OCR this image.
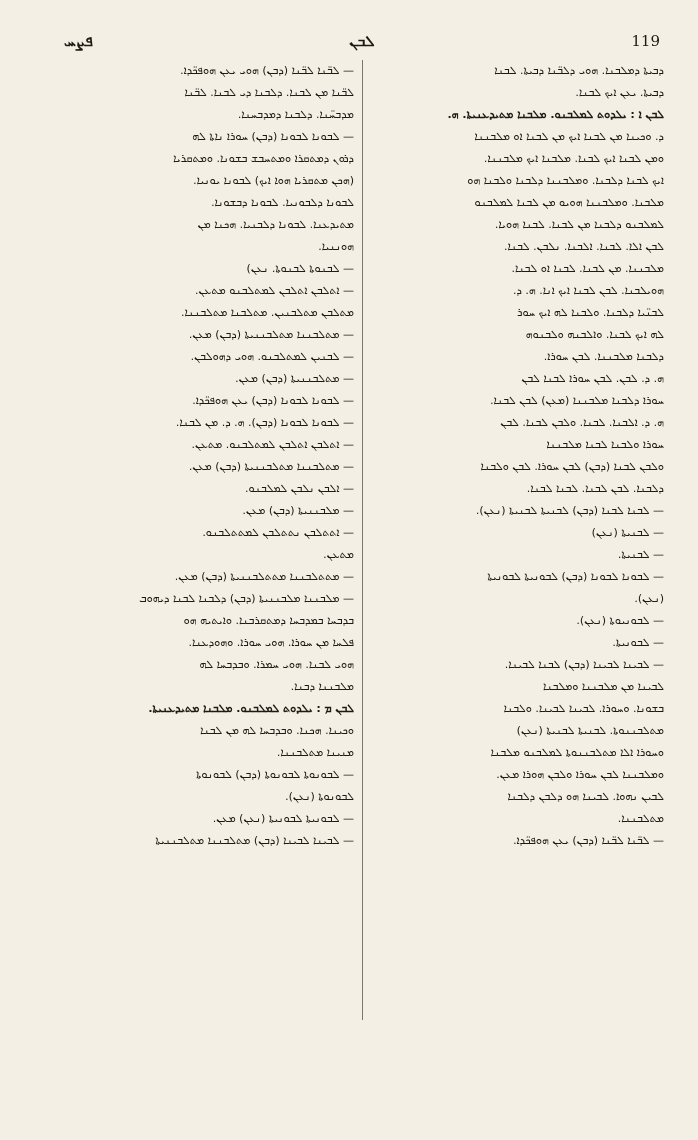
ܦܨܚ	ܠܒܢ	119

— ܠܒ̈ܢܐ ܠܒ̈ܢܐ (ܕܒܢ) ܗܘܝ ܝܥܢ ܗܘܦܟ̈ܕܐ.

ܠܒ̈ܢܐ ܡܢ ܠܒܢܐ. ܕܠܒܢܐ ܕܝ ܠܒܢܐ. ܠܒ̈ܢܐ

ܡܕܒܚ̈ܢܐ. ܕܠܒܢܐ ܕܡܕܒܚܢܐ.

— ܠܒܘܢܐ ܠܒܘܢܐ (ܕܒܢ) ܚܘܪܐ ܢܐܬܐ ܠܗ

ܕܪܘܢ ܕܡܬܩܪܐ ܘܡܬܚܒܫ ܒܫܘܢܐ. ܘܡܬܩܪܝܐ

(ܗܟܢ ܡܬܩܪܝܐ ܗܘܐ ܐܝܟ) ܠܒܘܢܐ ܝܘܢܝܐ.

ܠܒܘܢܐ ܕܠܒܘܢܝܐ. ܠܒܘܢܐ ܕܒܫܘܢܐ.

ܡܬܝܕܥܢܐ. ܠܒܘܢܐ ܕܠܒܢܝܐ. ܗܟܢܐ ܡܢ

ܗܘܢܢܝܐ.

— ܠܒܢܘܬܐ ܠܒܢܘܬܐ. ܢܥܢ)

— ܐܬܠܒܢ ܐܬܠܒܢ ܠܡܬܠܒܢܘ ܡܬܥܢ.

ܡܬܠܒܢ ܡܬܠܒܢܝܢ. ܡܬܠܒܢܐ ܡܬܠܒܢܢܐ.

— ܡܬܠܒܢܢܐ ܡܬܠܒܢܢܝܬܐ (ܕܒܢ) ܡܥܢ.

— ܠܒܢܝܢ ܠܡܬܠܒܢܘ. ܗܘܝ ܕܗܘܠܒܢ.

— ܡܬܠܒܢܢܝܬܐ (ܕܒܢ) ܡܥܢ.

— ܠܒܘܢܐ ܠܒܘܢܐ (ܕܒܢ) ܝܥܢ ܗܘܦܟ̈ܕܐ.

— ܠܒܘܢܐ ܠܒܘܢܐ (ܕܒܢ). ܗ. ܕ. ܡܢ ܠܒܢܐ.

— ܐܬܠܒܢ ܐܬܠܒܢ ܠܡܬܠܒܢܘ. ܡܬܥܢ.

— ܡܬܠܒܢܢܐ ܡܬܠܒܢܢܝܬܐ (ܕܒܢ) ܡܥܢ.

— ܐܠܒܢ ܢܠܒܢ ܠܡܠܒܢܘ.

— ܡܠܒܢܢܝܬܐ (ܕܒܢ) ܡܥܢ.

— ܐܬܬܠܒܢ ܢܬܬܠܒܢ ܠܡܬܬܠܒܢܘ.

ܡܬܥܢ.

— ܡܬܬܠܒܢܢܐ ܡܬܬܠܒܢܢܝܬܐ (ܕܒܢ) ܡܥܢ.

— ܡܠܒܢܢܐ ܡܠܒܢܢܝܬܐ (ܕܒܢ) ܕܠܒܢܐ ܠܒܢܐ ܕܝܗܘܒ

ܒܕܒܚܐ ܒܡܕܒܚܐ ܕܡܬܩܪܒܢܐ. ܘܐܝܬܝܗ ܗܘ

ܦܠܚܐ ܡܢ ܚܘܪܐ. ܗܘܝ ܚܘܪܐ. ܘܗܘܕܥܢܐ.

ܗܘܝ ܠܒܢܐ. ܗܘܝ ܚܡܪܐ. ܘܒܕܒܚܐ ܠܗ

ܡܠܒܢܢܐ ܕܒܢܐ.

ܠܒܢ ܡ : ܝܠܕܘܬ ܠܡܠܒܢܘ. ܡܠܒܢܐ ܡܬܝܕܥܢܝܬܐ.

ܘܟܝܢܐ. ܗܟܢܐ. ܘܒܕܒܚܐ ܠܗ ܡܢ ܠܒܢܐ

ܡܢܝܢܐ ܡܬܠܒܢܢܐ.

— ܠܒܘܢܘܬܐ ܠܒܘܢܘܬܐ (ܕܒܢ) ܠܒܘܢܘܬܐ

ܠܒܘܢܘܬܐ (ܢܥܢ).

— ܠܒܘܢܝܬܐ ܠܒܘܢܝܬܐ (ܢܥܢ) ܡܥܢ.

— ܠܒܝܢܐ ܠܒܝܢܐ (ܕܒܢ) ܡܬܠܒܢܢܐ ܡܬܠܒܢܢܝܬܐ

ܕܒܝܬܐ ܕܡܠܒܢܐ. ܗܘܝ ܕܠܒ̈ܢܐ ܕܒܝܬܐ. ܠܒܢܐ

ܕܒܝܬܐ. ܝܥܢ ܐܝܟ ܠܒܢܐ.

ܠܒܢ ܐ : ܝܠܕܘܬ ܠܡܠܒܢܘ. ܡܠܒܢܐ ܡܬܝܕܥܢܝܬܐ. ܗ.

ܕ. ܘܟܝܢܐ ܡܢ ܠܒܢܐ ܐܝܟ ܡܢ ܠܒܢܐ ܐܘ ܡܠܒܢܢܐ

ܘܡܢ ܠܒܢܐ ܐܝܟ ܠܒܢܐ. ܡܠܒܢܐ ܐܝܟ ܡܠܒܢܢܐ.

ܐܝܟ ܠܒܢܐ ܕܠܒܢܐ. ܘܡܠܒܢܢܐ ܕܠܒܢܐ ܘܠܒܢܐ ܗܘ

ܡܠܒܢܐ. ܘܡܠܒܢܢܐ ܗܘܝܘ ܡܢ ܠܒܢܐ ܠܡܠܒܢܘ

ܠܡܠܒܢܘ ܕܠܒܢܐ ܡܢ ܠܒܢܐ. ܠܒܢܐ ܗܘܝܐ.

ܠܒܢ ܐܠܐ. ܠܒܢܐ. ܐܠܒܢܐ. ܢܠܒܢ. ܠܒܢܐ.

ܡܠܒܢܢܐ. ܡܢ ܠܒܢܐ. ܠܒܢܐ ܐܘ ܠܒܢܐ.

ܗܘܝܠܒܢܐ. ܠܒܢ ܠܒܢܐ ܐܝܟ ܐܢܐ. ܗ. ܕ.

ܠܒܢ̈ܝܐ ܕܠܒܢܐ. ܘܠܒܢܐ ܠܗ ܐܝܟ ܚܘܪ

ܠܗ ܐܝܟ ܠܒܢܐ. ܘܐܠܒܢܗ ܘܠܒܢܘܗ

ܕܠܒܢܐ ܡܠܒܢܢܐ. ܠܒܢ ܚܘܪܐ.

ܗ. ܕ. ܠܒܢ. ܠܒܢ ܚܘܪܐ ܠܒܢܐ ܠܒܢ

ܚܘܪܐ ܕܠܒܢܐ ܡܠܒܢܢܐ (ܡܥܢ) ܠܒܢ ܠܒܢܐ.

ܗ. ܕ. ܐܠܒܢܐ. ܠܒܢܐ. ܘܠܒܢ ܠܒܢܐ. ܠܒܢ

ܚܘܪܐ ܘܠܒܢܐ ܠܒܢܐ ܡܠܒܢܢܐ

ܘܠܒܢ ܠܒܢܐ (ܕܒܢ) ܠܒܢ ܚܘܪܐ. ܠܒܢ ܘܠܒܢܐ

ܕܠܒܢܐ. ܠܒܢ ܠܒܢܐ. ܠܒܢܐ ܠܒܢܐ.

— ܠܒܢܐ ܠܒܢܐ (ܕܒܢ) ܠܒܢܝܬܐ ܠܒܢܝܬܐ (ܢܥܢ).

— ܠܒܢܝܬܐ (ܢܥܢ)

— ܠܒܢܝܬܐ.

— ܠܒܘܢܐ ܠܒܘܢܐ (ܕܒܢ) ܠܒܘܢܝܬܐ ܠܒܘܢܝܬܐ

(ܢܥܢ).

— ܠܒܘܢܝܘܬܐ (ܢܥܢ).

— ܠܒܘܢܝܬܐ.

— ܠܒܝܢܐ ܠܒܝܢܐ (ܕܒܢ) ܠܒܢܐ ܠܒܝܢܐ.

ܠܒܝܢܐ ܡܢ ܡܠܒܢܢܐ ܘܡܠܒܢܐ

ܒܫܘܢܐ. ܘܚܘܪܐ. ܠܒܝܢܐ ܠܒܝܢܐ. ܘܠܒܢܐ

ܡܬܠܒܢܢܘܬܐ. ܠܒܢܝܬܐ ܠܒܢܝܬܐ (ܢܥܢ)

ܘܚܘܪܐ ܐܠܐ ܡܬܠܒܢܢܘܬܐ ܠܡܠܒܢܘ ܡܠܒܢܐ

ܘܡܠܒܢܢܐ ܠܒܢ ܚܘܪܐ ܘܠܒܢ ܗܘܪܐ ܡܥܢ.

ܠܒܝܢ ܢܗܘܐ. ܠܒܝܢܐ ܗܘ ܕܠܒܢ ܕܠܒܢܐ

ܡܬܠܒܢܢܐ.

— ܠܒ̈ܢܐ ܠܒ̈ܢܐ (ܕܒܢ) ܝܥܢ ܗܘܦܟ̈ܕܐ.
